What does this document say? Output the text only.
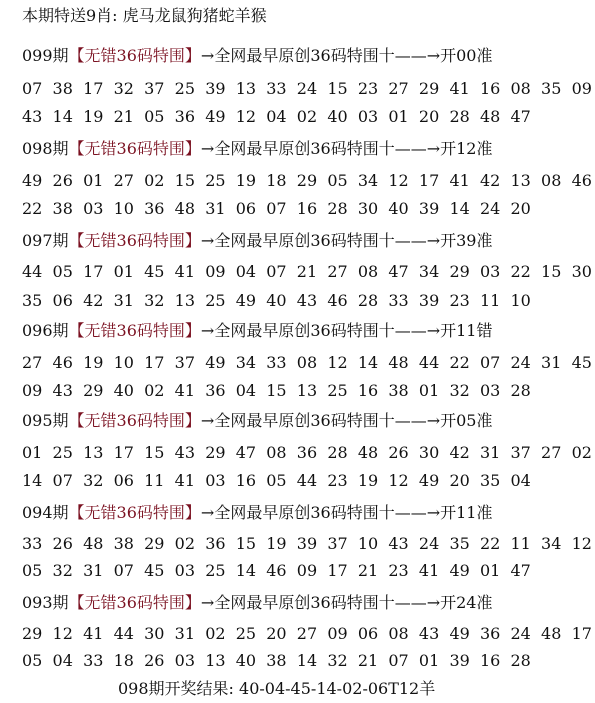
本期特送9肖: 虎马龙鼠狗猪蛇羊猴
099期【无错36码特围】→全网最早原创36码特围十——→开00准
07  38  17  32  37  25  39  13  33  24  15  23  27  29  41  16  08  35  09
43  14  19  21  05  36  49  12  04  02  40  03  01  20  28  48  47
098期【无错36码特围】→全网最早原创36码特围十——→开12准
49  26  01  27  02  15  25  19  18  29  05  34  12  17  41  42  13  08  46
22  38  03  10  36  48  31  06  07  16  28  30  40  39  14  24  20
097期【无错36码特围】→全网最早原创36码特围十——→开39准
44  05  17  01  45  41  09  04  07  21  27  08  47  34  29  03  22  15  30
35  06  42  31  32  13  25  49  40  43  46  28  33  39  23  11  10
096期【无错36码特围】→全网最早原创36码特围十——→开11错
27  46  19  10  17  37  49  34  33  08  12  14  48  44  22  07  24  31  45
09  43  29  40  02  41  36  04  15  13  25  16  38  01  32  03  28
095期【无错36码特围】→全网最早原创36码特围十——→开05准
01  25  13  17  15  43  29  47  08  36  28  48  26  30  42  31  37  27  02
14  07  32  06  11  41  03  16  05  44  23  19  12  49  20  35  04
094期【无错36码特围】→全网最早原创36码特围十——→开11准
33  26  48  38  29  02  36  15  19  39  37  10  43  24  35  22  11  34  12
05  32  31  07  45  03  25  14  46  09  17  21  23  41  49  01  47
093期【无错36码特围】→全网最早原创36码特围十——→开24准
29  12  41  44  30  31  02  25  20  27  09  06  08  43  49  36  24  48  17
05  04  33  18  26  03  13  40  38  14  32  21  07  01  39  16  28
098期开奖结果: 40-04-45-14-02-06T12羊
